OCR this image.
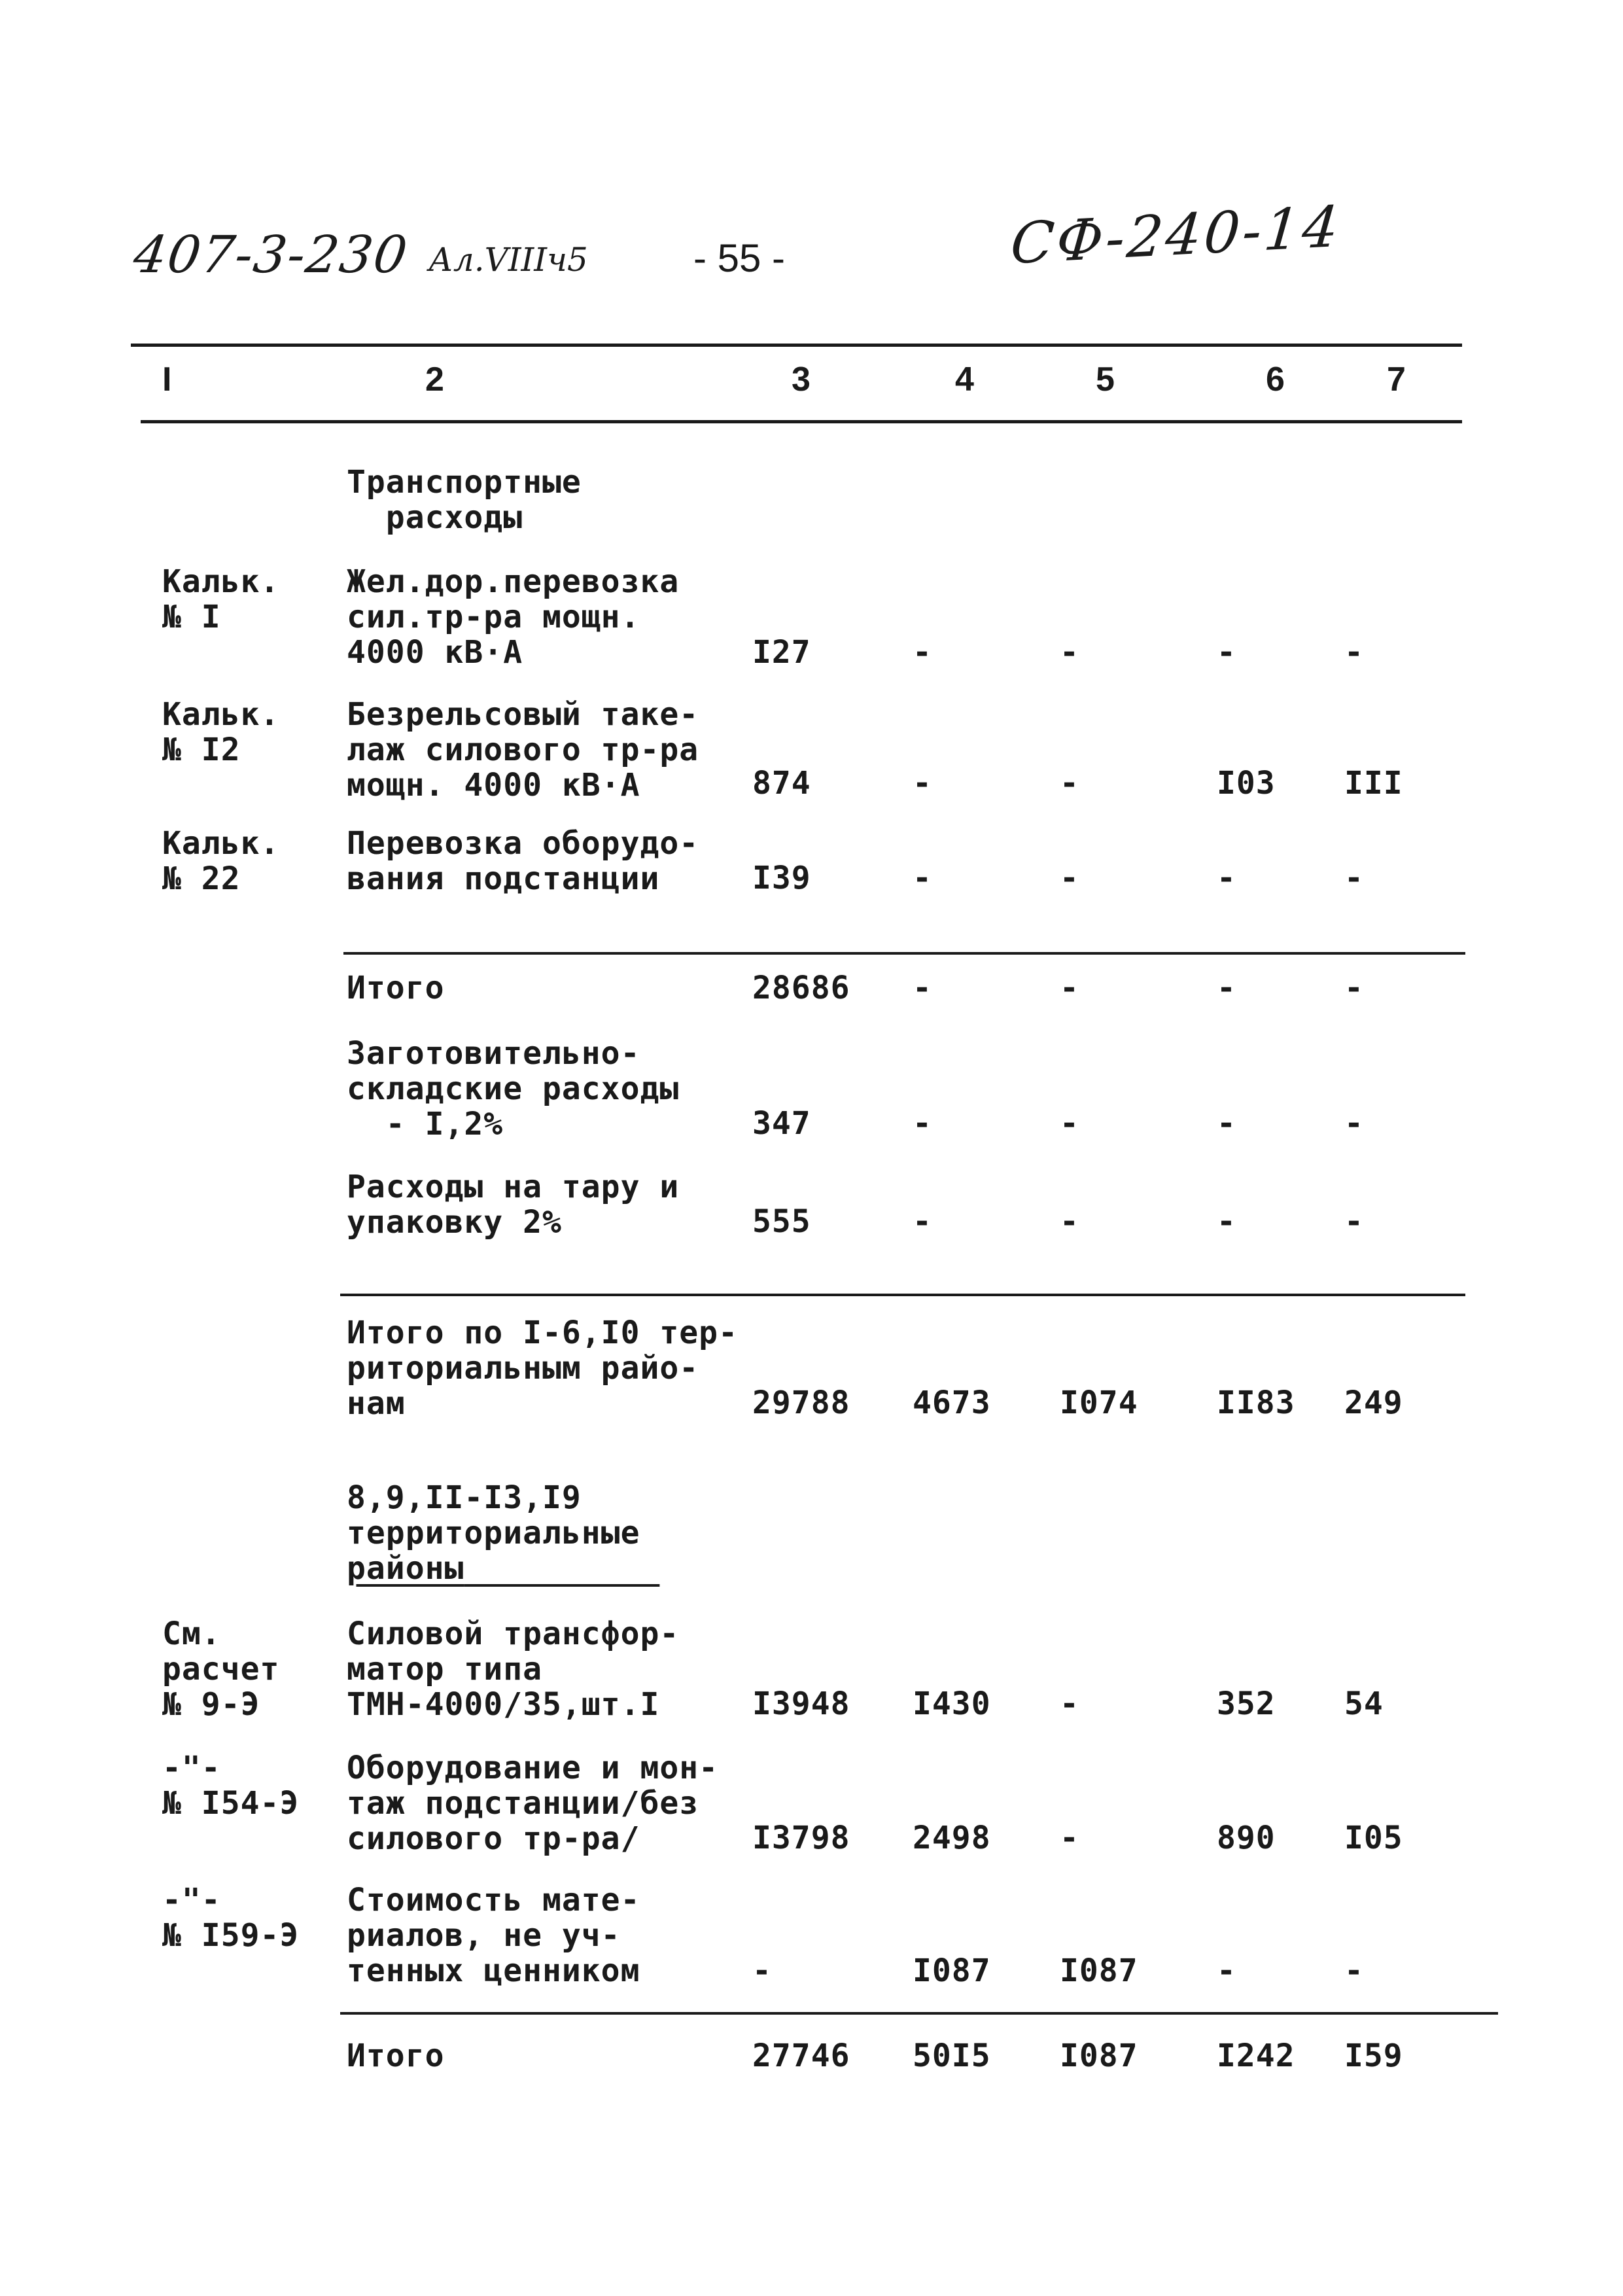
407-3-230 Ал.VIIIч5	- 55 -	СФ-240-14
I	2	3	4	5	6	7
Транспортные
расходы
Кальк.
№ I
Жел.дор.перевозка
сил.тр-ра мощн.
4000 кВ·А	I27	-	-	-	-
Кальк.
№ I2
Безрельсовый таке-
лаж силового тр-ра
мощн. 4000 кВ·А	874	-	-	I03 III
Кальк.
№ 22
Перевозка оборудо-
вания подстанции	I39	-	-	-	-
Итого	28686 -	-	-	-
Заготовительно-
складские расходы
- I,2%	347	-	-	-	-
Расходы на тару и
упаковку 2%	555	-	-	-	-
Итого по I-6,I0 тер-
риториальным райо-
нам	29788 4673 I074	II83 249
8,9,II-I3,I9
территориальные
районы
См.
расчет
№ 9-Э
Силовой трансфор-
матор типа
ТМН-4000/35,шт.I	I3948 I430 -	352 54
-"-
№ I54-Э
Оборудование и мон-
таж подстанции/без
силового тр-ра/	I3798 2498 -	890 I05
-"-
№ I59-Э
Стоимость мате-
риалов, не уч-
тенных ценником	-	I087 I087	-	-
Итого	27746 50I5 I087	I242 I59
